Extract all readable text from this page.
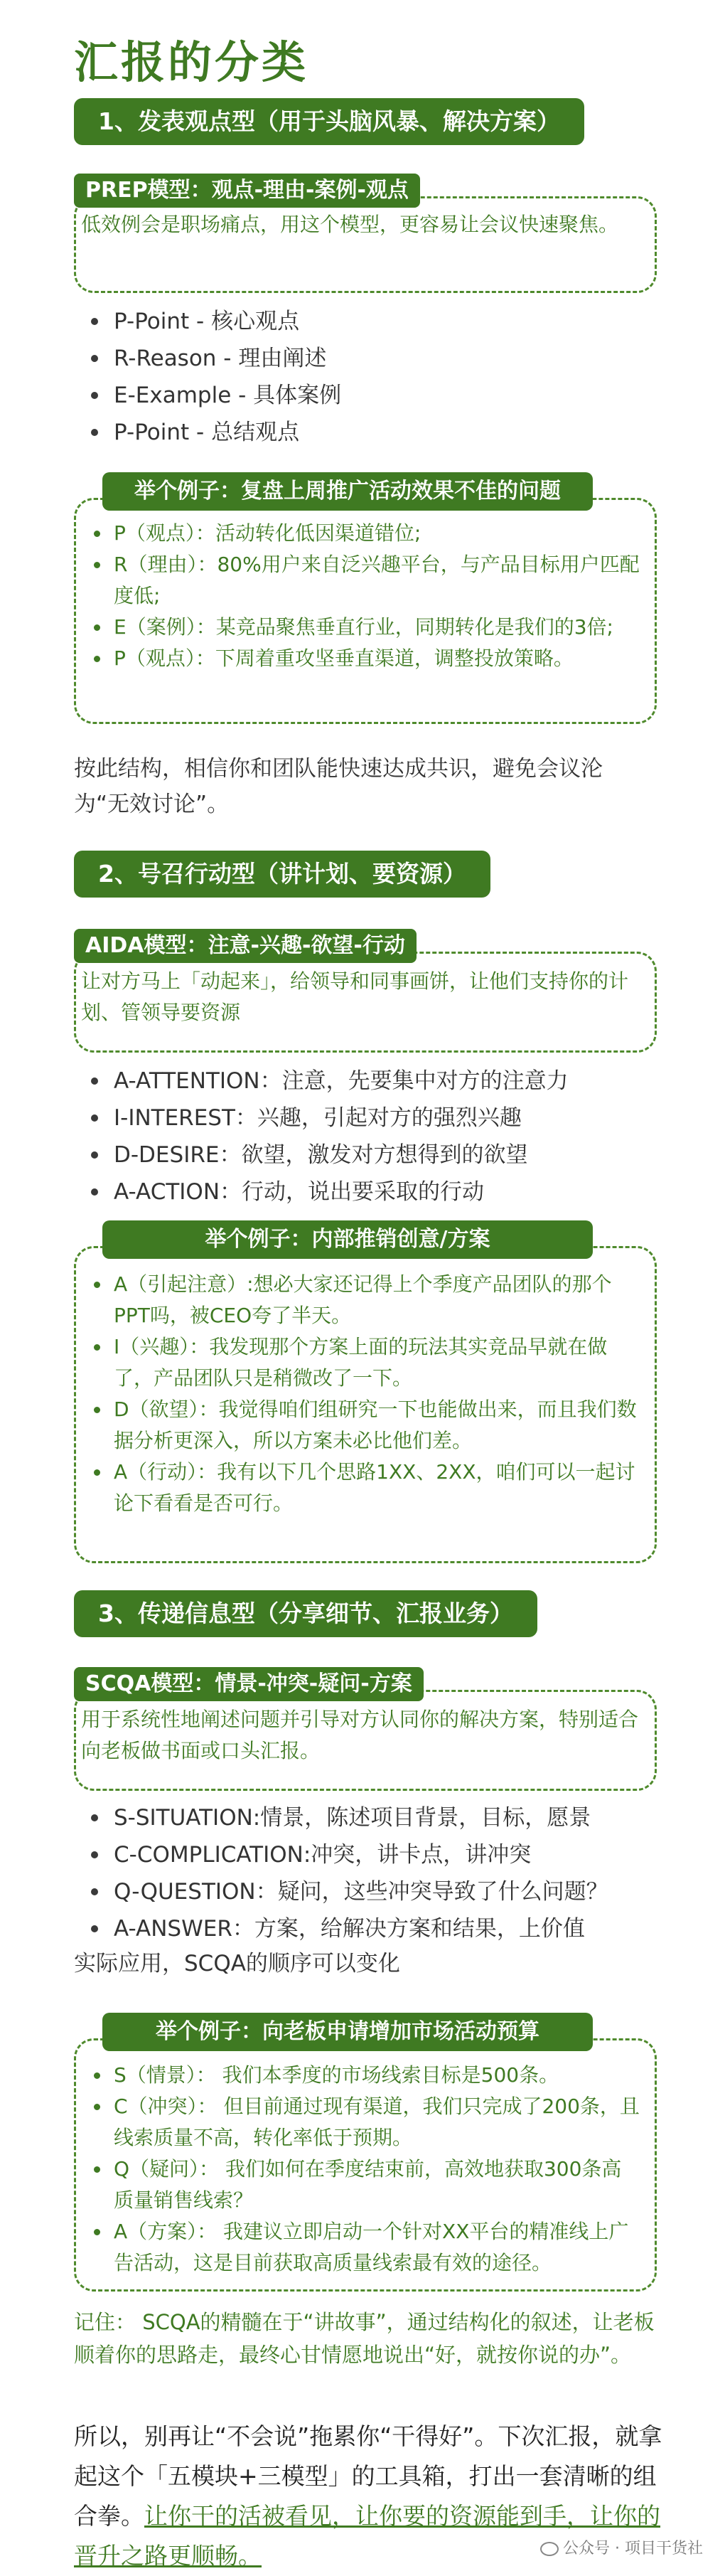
汇报的分类
1、发表观点型（用于头脑风暴、解决方案）
PREP模型：观点-理由-案例-观点
低效例会是职场痛点，用这个模型，更容易让会议快速聚焦。
P-Point - 核心观点
R-Reason - 理由阐述
E-Example - 具体案例
P-Point - 总结观点
举个例子：复盘上周推广活动效果不佳的问题
P（观点）：活动转化低因渠道错位;
R（理由）：80%用户来自泛兴趣平台，与产品目标用户匹配度低;
E（案例）：某竞品聚焦垂直行业，同期转化是我们的3倍;
P（观点）：下周着重攻坚垂直渠道，调整投放策略。
按此结构，相信你和团队能快速达成共识，避免会议沦为“无效讨论”。
2、号召行动型（讲计划、要资源）
AIDA模型：注意-兴趣-欲望-行动
让对方马上「动起来」，给领导和同事画饼，让他们支持你的计划、管领导要资源
A-ATTENTION：注意，先要集中对方的注意力
I-INTEREST：兴趣，引起对方的强烈兴趣
D-DESIRE：欲望，激发对方想得到的欲望
A-ACTION：行动，说出要采取的行动
举个例子：内部推销创意/方案
A（引起注意）:想必大家还记得上个季度产品团队的那个PPT吗，被CEO夸了半天。
I（兴趣）：我发现那个方案上面的玩法其实竞品早就在做了，产品团队只是稍微改了一下。
D（欲望）：我觉得咱们组研究一下也能做出来，而且我们数据分析更深入，所以方案未必比他们差。
A（行动）：我有以下几个思路1XX、2XX，咱们可以一起讨论下看看是否可行。
3、传递信息型（分享细节、汇报业务）
SCQA模型：情景-冲突-疑问-方案
用于系统性地阐述问题并引导对方认同你的解决方案，特别适合向老板做书面或口头汇报。
S-SITUATION:情景，陈述项目背景，目标，愿景
C-COMPLICATION:冲突，讲卡点，讲冲突
Q-QUESTION：疑问，这些冲突导致了什么问题？
A-ANSWER：方案，给解决方案和结果，上价值
实际应用，SCQA的顺序可以变化
举个例子：向老板申请增加市场活动预算
S（情景）： 我们本季度的市场线索目标是500条。
C（冲突）： 但目前通过现有渠道，我们只完成了200条，且线索质量不高，转化率低于预期。
Q（疑问）： 我们如何在季度结束前，高效地获取300条高质量销售线索？
A（方案）： 我建议立即启动一个针对XX平台的精准线上广告活动，这是目前获取高质量线索最有效的途径。
记住： SCQA的精髓在于“讲故事”，通过结构化的叙述，让老板顺着你的思路走，最终心甘情愿地说出“好，就按你说的办”。
所以，别再让“不会说”拖累你“干得好”。下次汇报，就拿起这个「五模块+三模型」的工具箱，打出一套清晰的组合拳。让你干的活被看见，让你要的资源能到手，让你的晋升之路更顺畅。	公众号 · 项目干货社
